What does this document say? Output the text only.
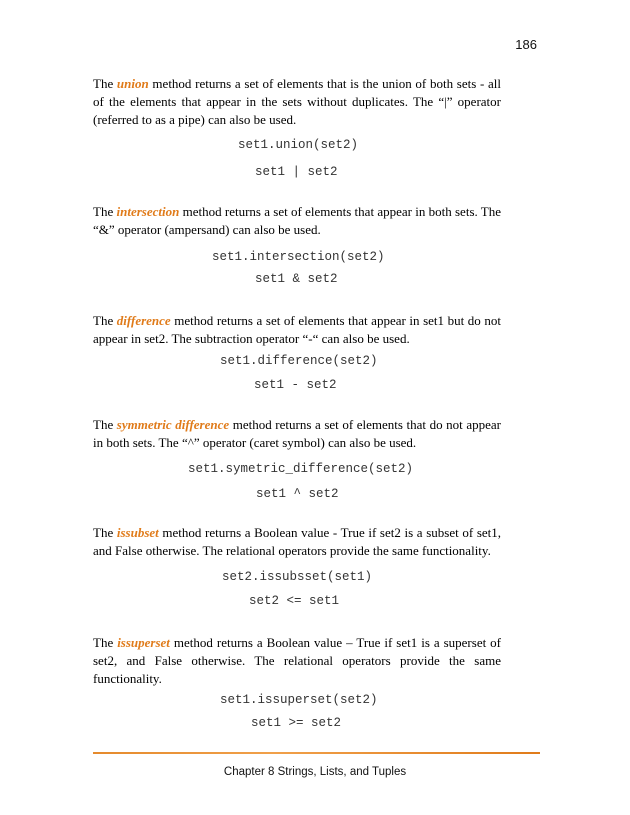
186

The union method returns a set of elements that is the union of both sets - all of the elements that appear in the sets without duplicates. The “|” operator (referred to as a pipe) can also be used.

set1.union(set2)
set1 | set2

The intersection method returns a set of elements that appear in both sets. The “&” operator (ampersand) can also be used.

set1.intersection(set2)
set1 & set2

The difference method returns a set of elements that appear in set1 but do not appear in set2. The subtraction operator “-“ can also be used.

set1.difference(set2)
set1 - set2

The symmetric difference method returns a set of elements that do not appear in both sets. The “^” operator (caret symbol) can also be used.

set1.symetric_difference(set2)
set1 ^ set2

The issubset method returns a Boolean value - True if set2 is a subset of set1, and False otherwise. The relational operators provide the same functionality.

set2.issubsset(set1)
set2 <= set1

The issuperset method returns a Boolean value – True if set1 is a superset of set2, and False otherwise. The relational operators provide the same functionality.

set1.issuperset(set2)
set1 >= set2
Chapter 8 Strings, Lists, and Tuples
